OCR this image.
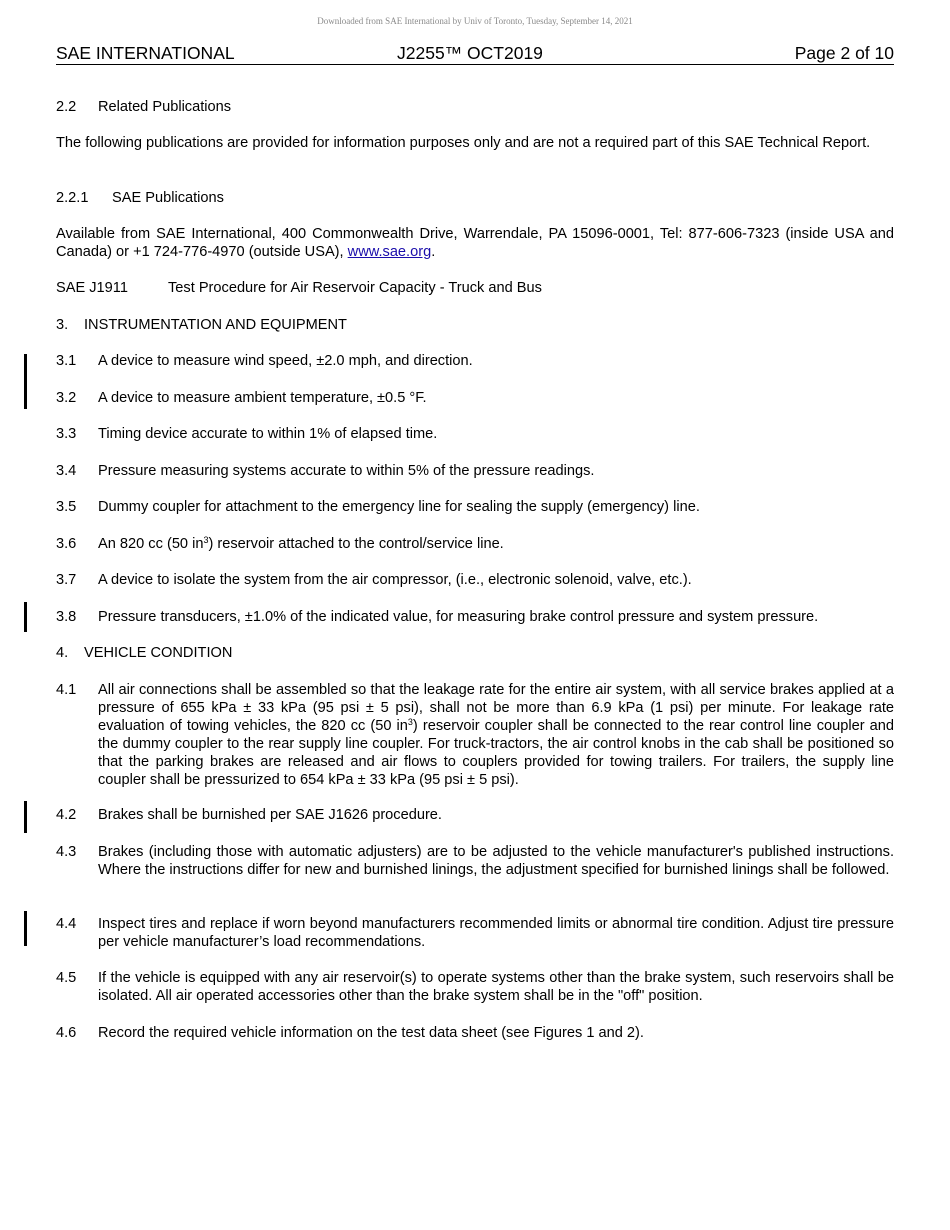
Downloaded from SAE International by Univ of Toronto, Tuesday, September 14, 2021
SAE INTERNATIONAL	J2255™ OCT2019	Page 2 of 10
2.2 Related Publications
The following publications are provided for information purposes only and are not a required part of this SAE Technical Report.
2.2.1 SAE Publications
Available from SAE International, 400 Commonwealth Drive, Warrendale, PA 15096-0001, Tel: 877-606-7323 (inside USA and Canada) or +1 724-776-4970 (outside USA), www.sae.org.
SAE J1911	Test Procedure for Air Reservoir Capacity - Truck and Bus
3. INSTRUMENTATION AND EQUIPMENT
3.1 A device to measure wind speed, ±2.0 mph, and direction.
3.2 A device to measure ambient temperature, ±0.5 °F.
3.3 Timing device accurate to within 1% of elapsed time.
3.4 Pressure measuring systems accurate to within 5% of the pressure readings.
3.5 Dummy coupler for attachment to the emergency line for sealing the supply (emergency) line.
3.6 An 820 cc (50 $in^3$) reservoir attached to the control/service line.
3.7 A device to isolate the system from the air compressor, (i.e., electronic solenoid, valve, etc.).
3.8 Pressure transducers, ±1.0% of the indicated value, for measuring brake control pressure and system pressure.
4. VEHICLE CONDITION
4.1 All air connections shall be assembled so that the leakage rate for the entire air system, with all service brakes applied at a pressure of 655 kPa ± 33 kPa (95 psi ± 5 psi), shall not be more than 6.9 kPa (1 psi) per minute. For leakage rate evaluation of towing vehicles, the 820 cc (50 $in^3$) reservoir coupler shall be connected to the rear control line coupler and the dummy coupler to the rear supply line coupler. For truck-tractors, the air control knobs in the cab shall be positioned so that the parking brakes are released and air flows to couplers provided for towing trailers. For trailers, the supply line coupler shall be pressurized to 654 kPa ± 33 kPa (95 psi ± 5 psi).
4.2 Brakes shall be burnished per SAE J1626 procedure.
4.3 Brakes (including those with automatic adjusters) are to be adjusted to the vehicle manufacturer's published instructions. Where the instructions differ for new and burnished linings, the adjustment specified for burnished linings shall be followed.
4.4 Inspect tires and replace if worn beyond manufacturers recommended limits or abnormal tire condition. Adjust tire pressure per vehicle manufacturer’s load recommendations.
4.5 If the vehicle is equipped with any air reservoir(s) to operate systems other than the brake system, such reservoirs shall be isolated. All air operated accessories other than the brake system shall be in the "off" position.
4.6 Record the required vehicle information on the test data sheet (see Figures 1 and 2).
